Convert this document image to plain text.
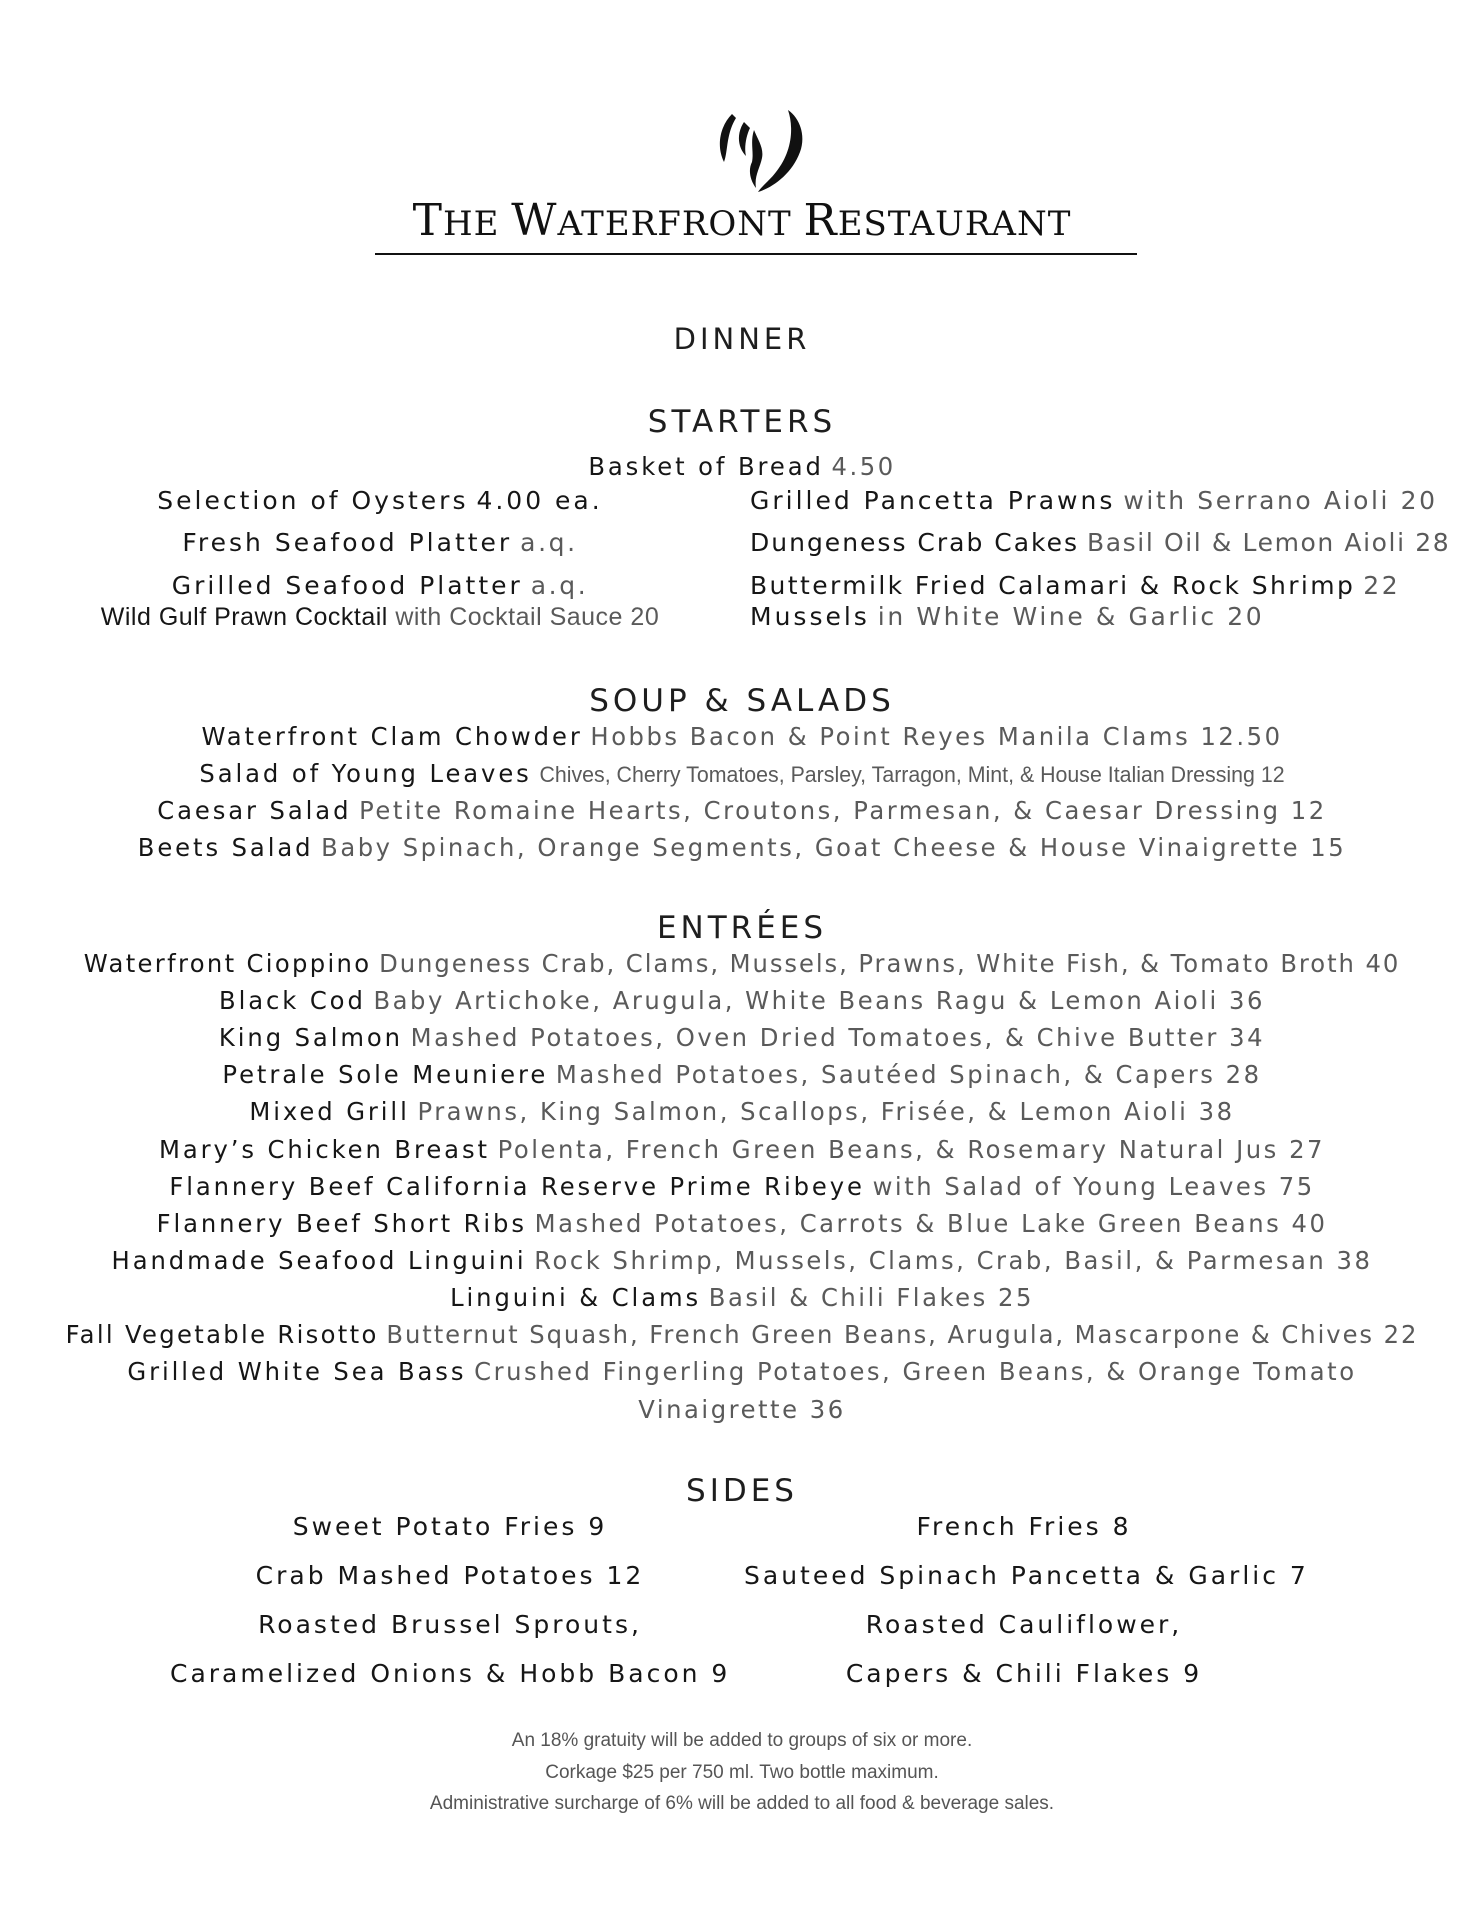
THE WATERFRONT RESTAURANT
DINNER
STARTERS
Basket of Bread 4.50
Selection of Oysters 4.00 ea.
Fresh Seafood Platter a.q.
Grilled Seafood Platter a.q.
Wild Gulf Prawn Cocktail with Cocktail Sauce 20
Grilled Pancetta Prawns with Serrano Aioli 20
Dungeness Crab Cakes Basil Oil & Lemon Aioli 28
Buttermilk Fried Calamari & Rock Shrimp 22
Mussels in White Wine & Garlic 20
SOUP & SALADS
Waterfront Clam Chowder Hobbs Bacon & Point Reyes Manila Clams 12.50
Salad of Young Leaves Chives, Cherry Tomatoes, Parsley, Tarragon, Mint, & House Italian Dressing 12
Caesar Salad Petite Romaine Hearts, Croutons, Parmesan, & Caesar Dressing 12
Beets Salad Baby Spinach, Orange Segments, Goat Cheese & House Vinaigrette 15
ENTRÉES
Waterfront Cioppino Dungeness Crab, Clams, Mussels, Prawns, White Fish, & Tomato Broth 40
Black Cod Baby Artichoke, Arugula, White Beans Ragu & Lemon Aioli 36
King Salmon Mashed Potatoes, Oven Dried Tomatoes, & Chive Butter 34
Petrale Sole Meuniere Mashed Potatoes, Sautéed Spinach, & Capers 28
Mixed Grill Prawns, King Salmon, Scallops, Frisée, & Lemon Aioli 38
Mary’s Chicken Breast Polenta, French Green Beans, & Rosemary Natural Jus 27
Flannery Beef California Reserve Prime Ribeye with Salad of Young Leaves 75
Flannery Beef Short Ribs Mashed Potatoes, Carrots & Blue Lake Green Beans 40
Handmade Seafood Linguini Rock Shrimp, Mussels, Clams, Crab, Basil, & Parmesan 38
Linguini & Clams Basil & Chili Flakes 25
Fall Vegetable Risotto Butternut Squash, French Green Beans, Arugula, Mascarpone & Chives 22
Grilled White Sea Bass Crushed Fingerling Potatoes, Green Beans, & Orange Tomato
Vinaigrette 36
SIDES
Sweet Potato Fries 9
Crab Mashed Potatoes 12
Roasted Brussel Sprouts,
Caramelized Onions & Hobb Bacon 9
French Fries 8
Sauteed Spinach Pancetta & Garlic 7
Roasted Cauliflower,
Capers & Chili Flakes 9
An 18% gratuity will be added to groups of six or more.
Corkage $25 per 750 ml. Two bottle maximum.
Administrative surcharge of 6% will be added to all food & beverage sales.
